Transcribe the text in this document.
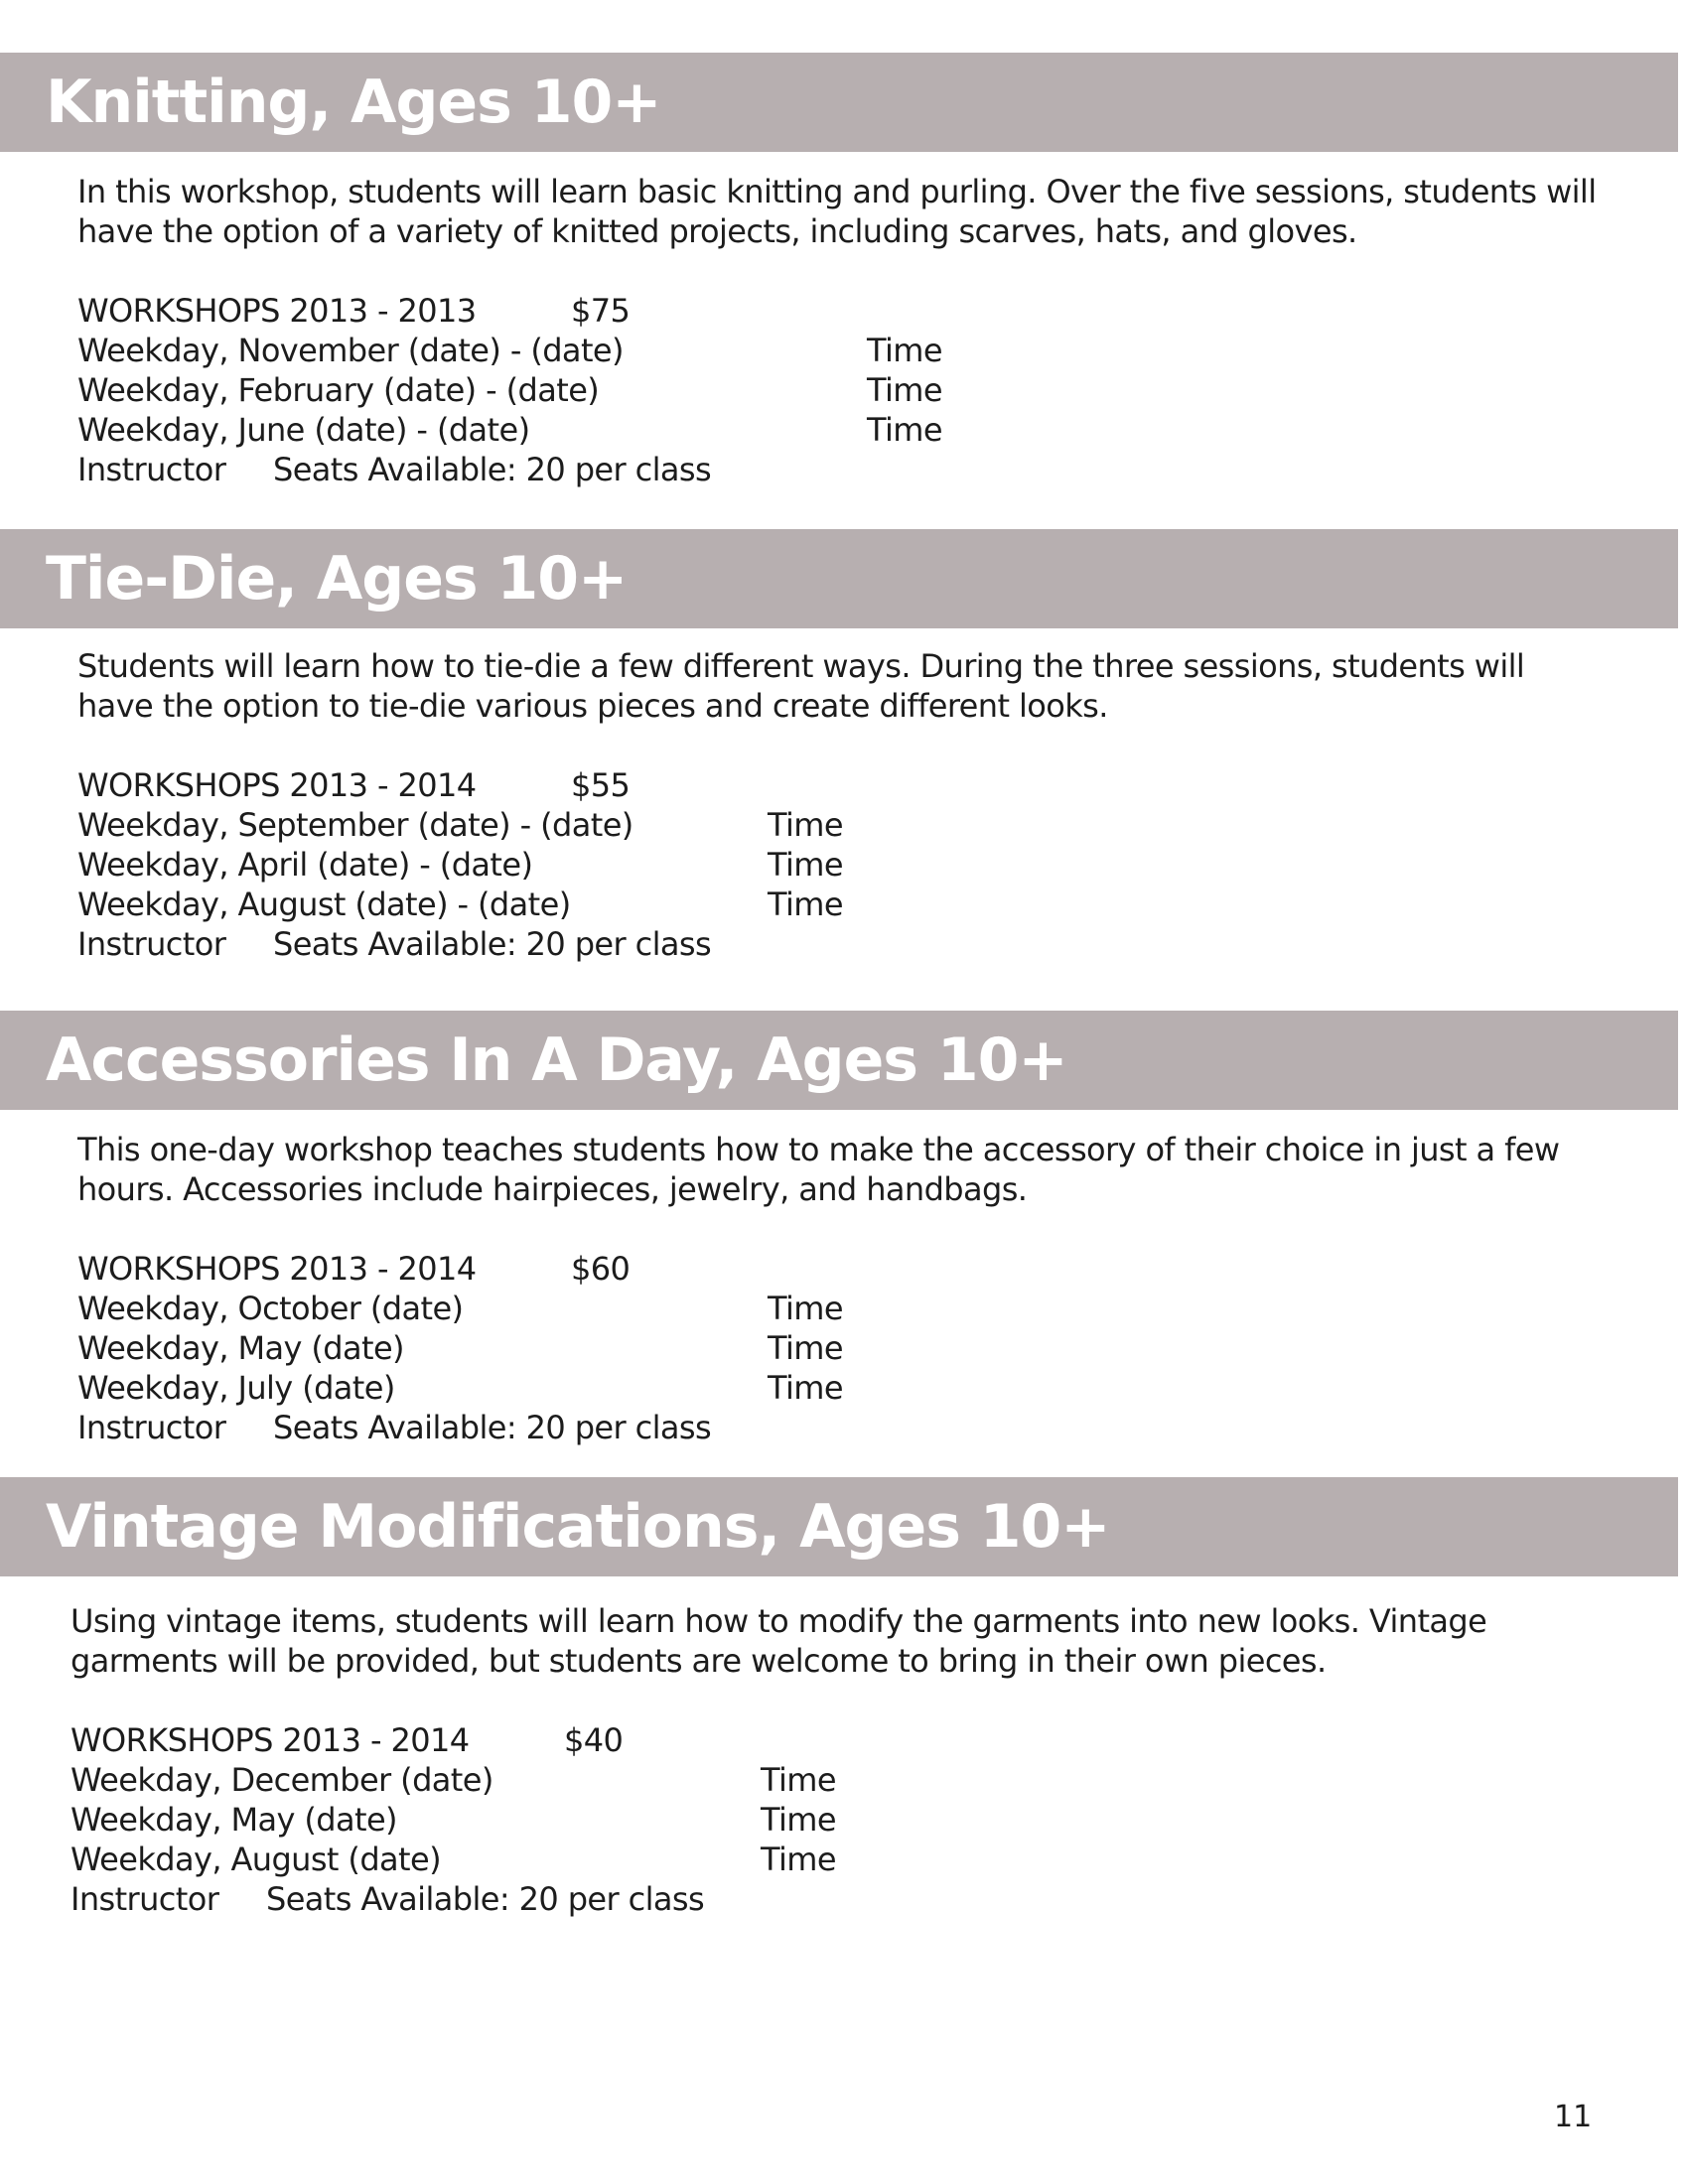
Knitting, Ages 10+

In this workshop, students will learn basic knitting and purling. Over the five sessions, students will have the option of a variety of knitted projects, including scarves, hats, and gloves.

WORKSHOPS 2013 - 2013	$75
Weekday, November (date) - (date)	Time
Weekday, February (date) - (date)	Time
Weekday, June (date) - (date)	Time
Instructor Seats Available: 20 per class
Tie-Die, Ages 10+

Students will learn how to tie-die a few different ways. During the three sessions, students will have the option to tie-die various pieces and create different looks.

WORKSHOPS 2013 - 2014	$55
Weekday, September (date) - (date)	Time
Weekday, April (date) - (date)	Time
Weekday, August (date) - (date)	Time
Instructor Seats Available: 20 per class
Accessories In A Day, Ages 10+

This one-day workshop teaches students how to make the accessory of their choice in just a few hours. Accessories include hairpieces, jewelry, and handbags.

WORKSHOPS 2013 - 2014	$60
Weekday, October (date)	Time
Weekday, May (date)	Time
Weekday, July (date)	Time
Instructor Seats Available: 20 per class
Vintage Modifications, Ages 10+

Using vintage items, students will learn how to modify the garments into new looks. Vintage garments will be provided, but students are welcome to bring in their own pieces.

WORKSHOPS 2013 - 2014	$40
Weekday, December (date)	Time
Weekday, May (date)	Time
Weekday, August (date)	Time
Instructor Seats Available: 20 per class
11
